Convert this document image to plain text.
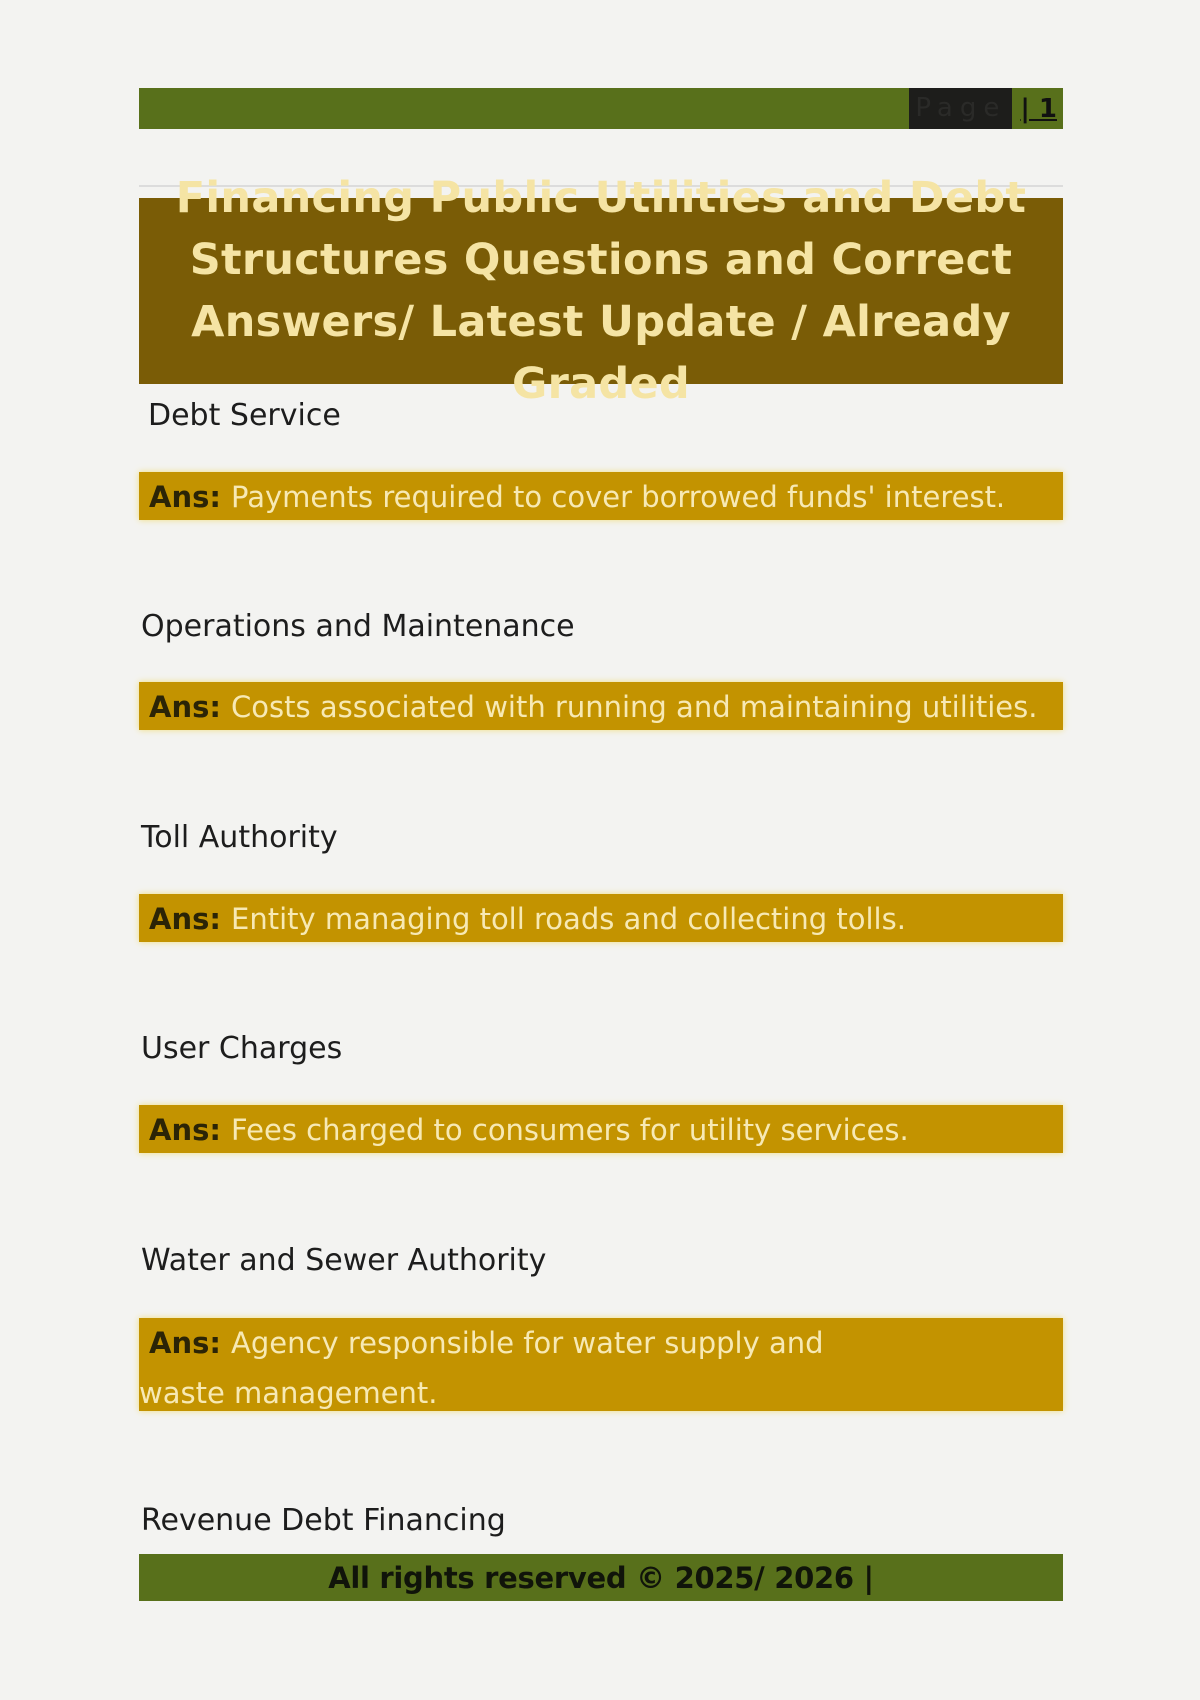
Page | 1
Financing Public Utilities and Debt Structures Questions and Correct Answers/ Latest Update / Already Graded
Debt Service
Ans: Payments required to cover borrowed funds' interest.
Operations and Maintenance
Ans: Costs associated with running and maintaining utilities.
Toll Authority
Ans: Entity managing toll roads and collecting tolls.
User Charges
Ans: Fees charged to consumers for utility services.
Water and Sewer Authority
Ans: Agency responsible for water supply and waste management.
Revenue Debt Financing
All rights reserved © 2025/ 2026 |
